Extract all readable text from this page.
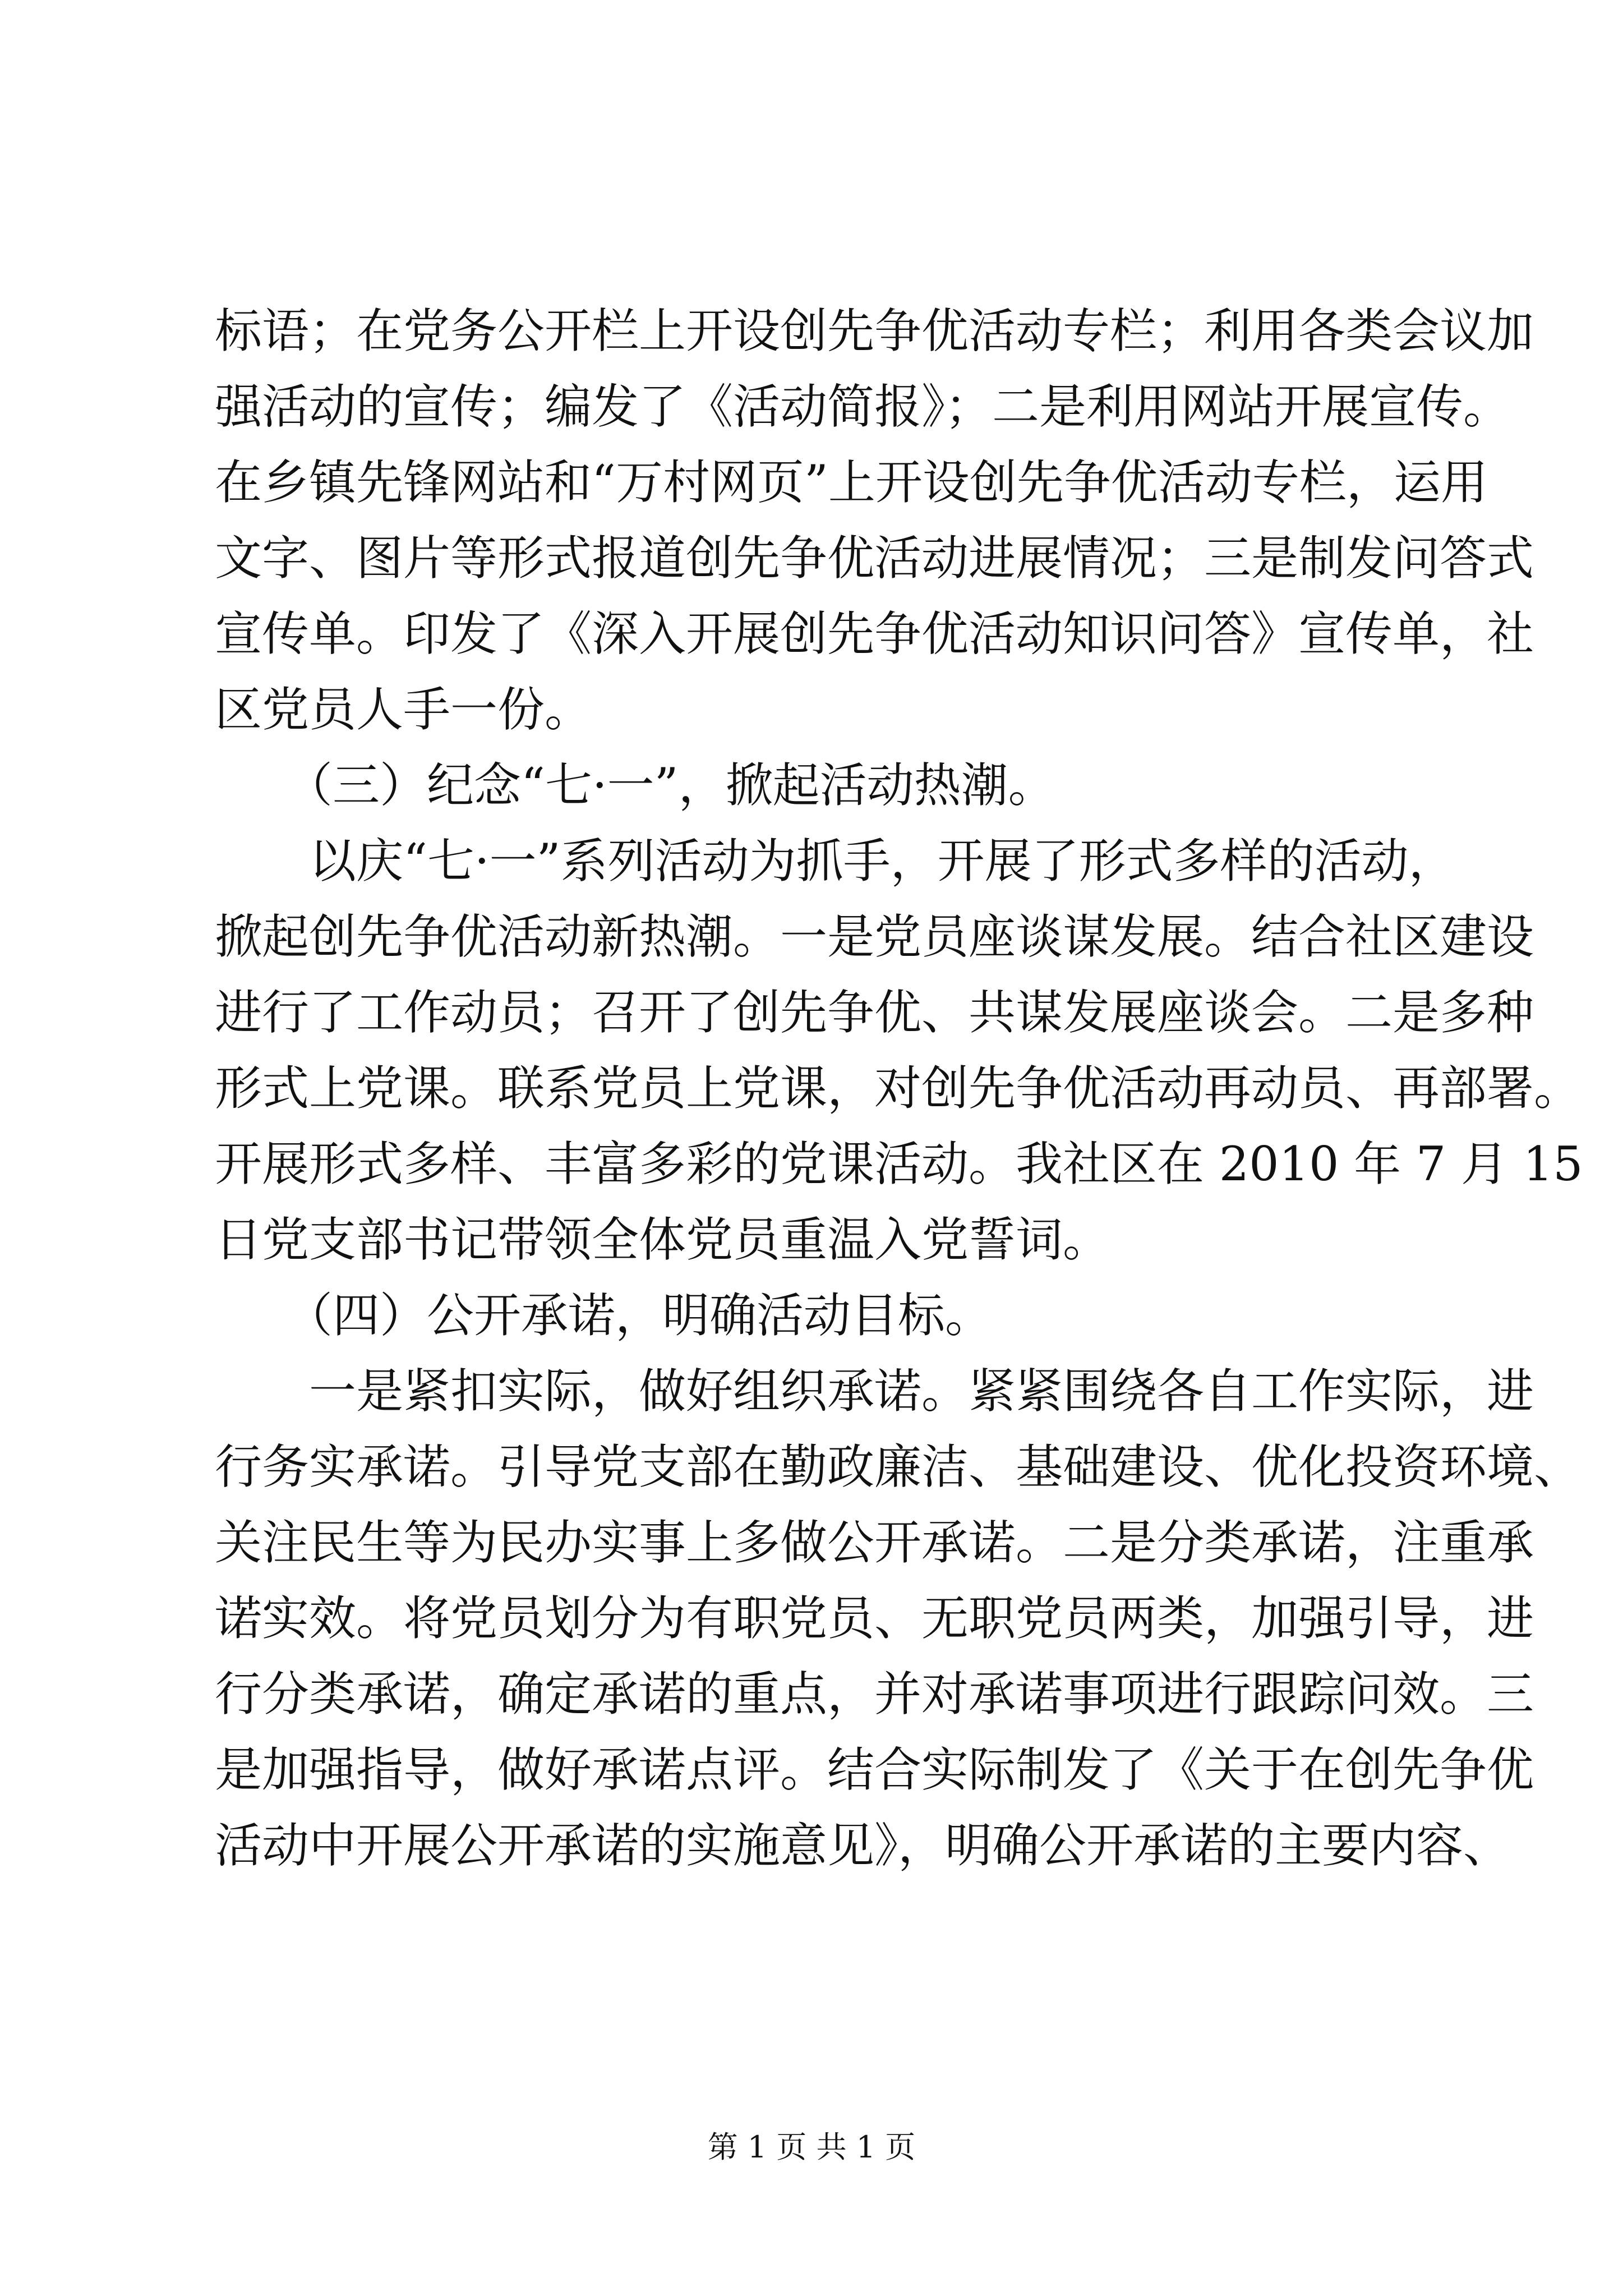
标语；在党务公开栏上开设创先争优活动专栏；利用各类会议加
强活动的宣传；编发了《活动简报》；二是利用网站开展宣传。
在乡镇先锋网站和“万村网页”上开设创先争优活动专栏，运用
文字、图片等形式报道创先争优活动进展情况；三是制发问答式
宣传单。印发了《深入开展创先争优活动知识问答》宣传单，社
区党员人手一份。
　　（三）纪念“七·一”，掀起活动热潮。
　　以庆“七·一”系列活动为抓手，开展了形式多样的活动，
掀起创先争优活动新热潮。一是党员座谈谋发展。结合社区建设
进行了工作动员；召开了创先争优、共谋发展座谈会。二是多种
形式上党课。联系党员上党课，对创先争优活动再动员、再部署。
开展形式多样、丰富多彩的党课活动。我社区在 2010 年 7 月 15
日党支部书记带领全体党员重温入党誓词。
　　（四）公开承诺，明确活动目标。
　　一是紧扣实际，做好组织承诺。紧紧围绕各自工作实际，进
行务实承诺。引导党支部在勤政廉洁、基础建设、优化投资环境、
关注民生等为民办实事上多做公开承诺。二是分类承诺，注重承
诺实效。将党员划分为有职党员、无职党员两类，加强引导，进
行分类承诺，确定承诺的重点，并对承诺事项进行跟踪问效。三
是加强指导，做好承诺点评。结合实际制发了《关于在创先争优
活动中开展公开承诺的实施意见》，明确公开承诺的主要内容、
第 1 页 共 1 页
